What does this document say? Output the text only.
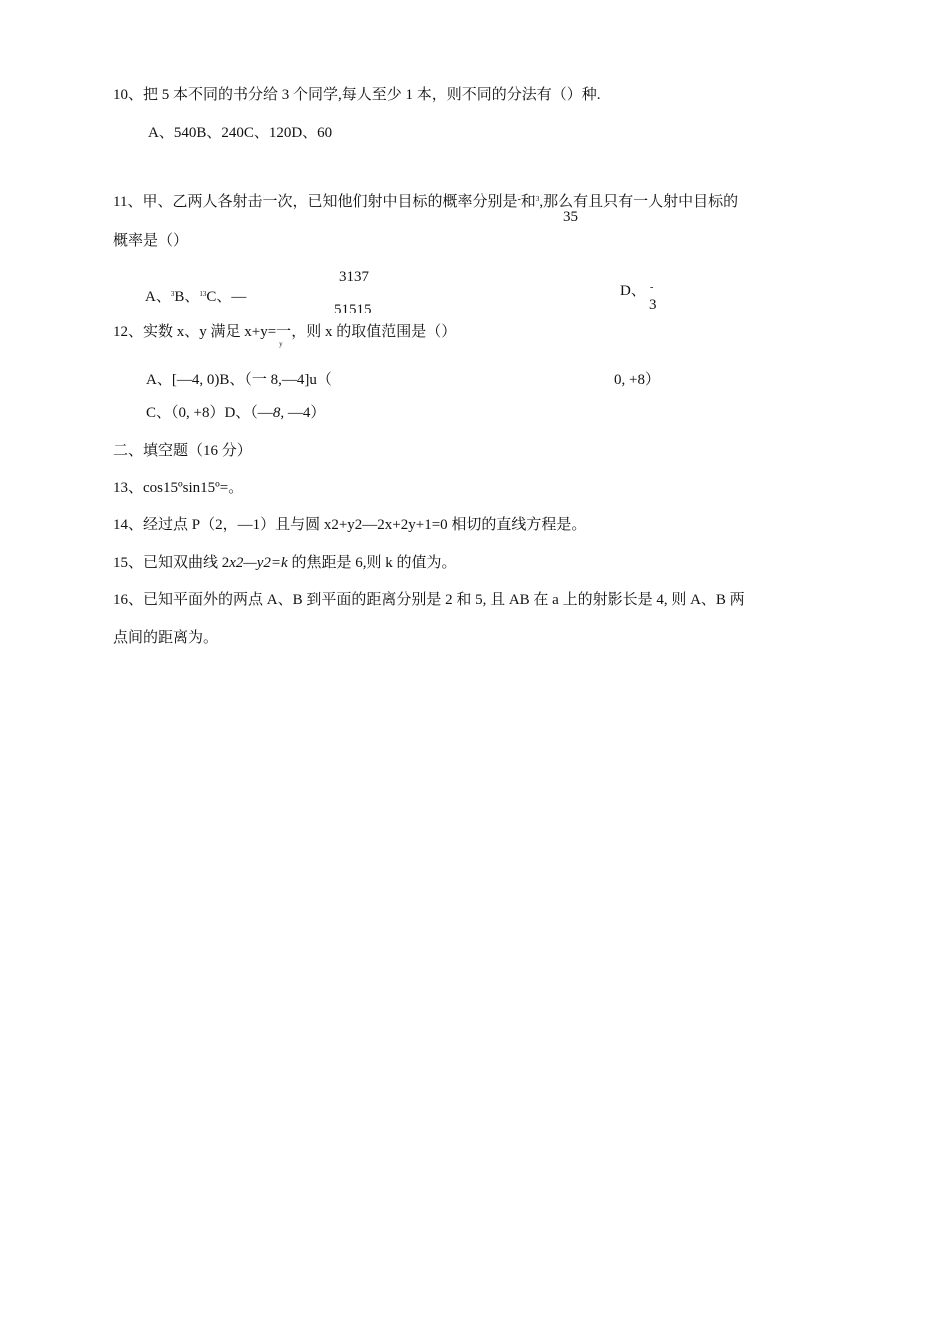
10、把 5 本不同的书分给 3 个同学,每人至少 1 本，则不同的分法有（）种.
A、540B、240C、120D、60
11、甲、乙两人各射击一次，已知他们射中目标的概率分别是-和$^3$,那么有且只有一人射中目标的
35
概率是（）
3137
A、$^3$B、$^{13}$C、—
51515
D、 -
3
12、实数 x、y 满足 x+y=一
y
，则 x 的取值范围是（）
A、[—4, 0)B、（一 8,—4]u（	0, +8）
C、（0, +8）D、（—8, —4）
二、填空题（16 分）
13、cos15ºsin15º=。
14、经过点 P（2，—1）且与圆 x2+y2—2x+2y+1=0 相切的直线方程是。
15、已知双曲线 2x2—y2=k 的焦距是 6,则 k 的值为。
16、已知平面外的两点 A、B 到平面的距离分别是 2 和 5, 且 AB 在 a 上的射影长是 4, 则 A、B 两
点间的距离为。
